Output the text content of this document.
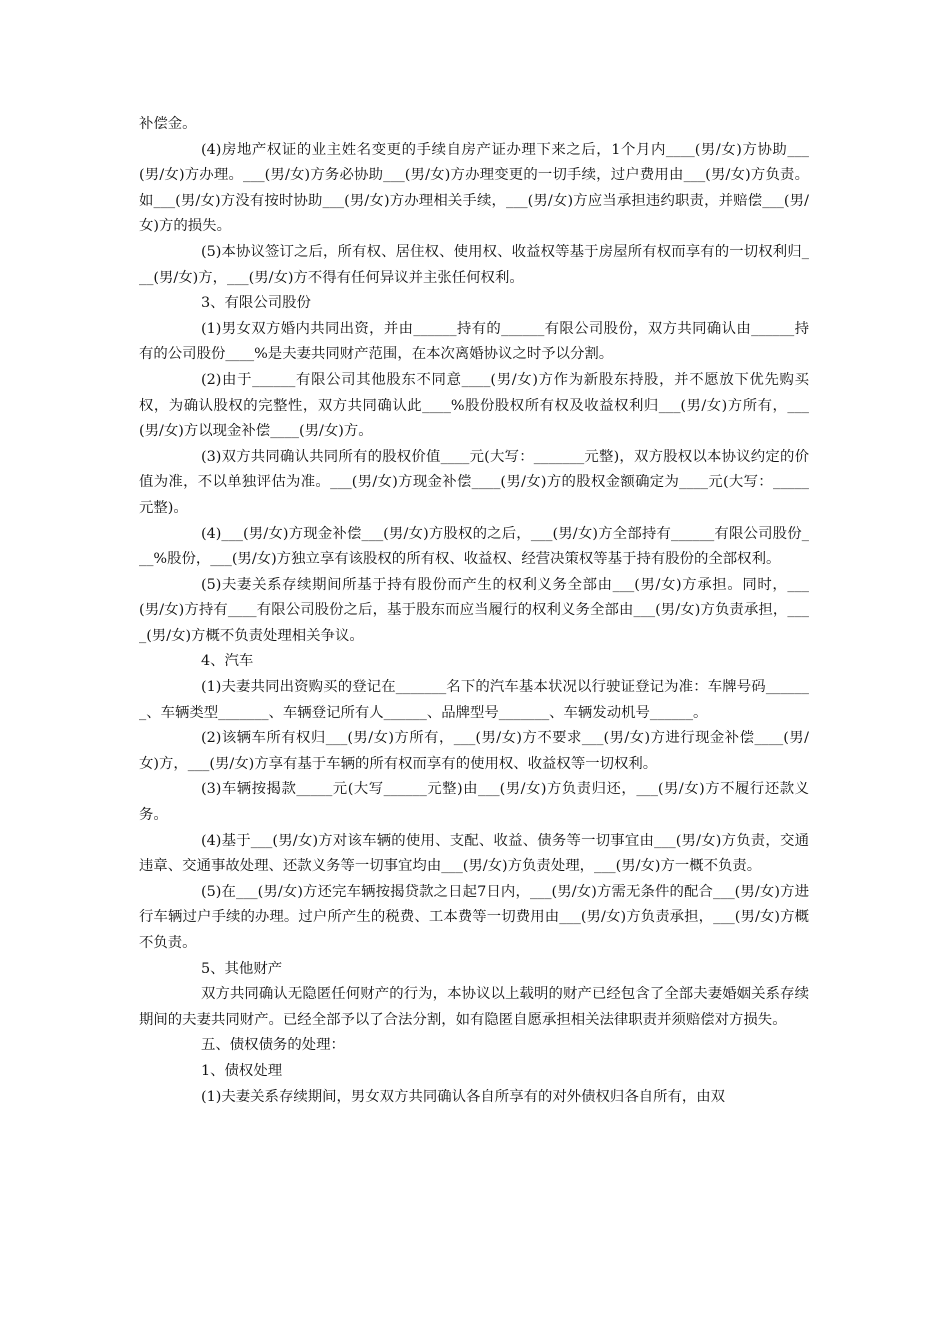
补偿金。

(4)房地产权证的业主姓名变更的手续自房产证办理下来之后，1个月内____(男/女)方协助___(男/女)方办理。___(男/女)方务必协助___(男/女)方办理变更的一切手续，过户费用由___(男/女)方负责。如___(男/女)方没有按时协助___(男/女)方办理相关手续，___(男/女)方应当承担违约职责，并赔偿___(男/女)方的损失。

(5)本协议签订之后，所有权、居住权、使用权、收益权等基于房屋所有权而享有的一切权利归___(男/女)方，___(男/女)方不得有任何异议并主张任何权利。

3、有限公司股份

(1)男女双方婚内共同出资，并由______持有的______有限公司股份，双方共同确认由______持有的公司股份____%是夫妻共同财产范围，在本次离婚协议之时予以分割。

(2)由于______有限公司其他股东不同意____(男/女)方作为新股东持股，并不愿放下优先购买权，为确认股权的完整性，双方共同确认此____%股份股权所有权及收益权利归___(男/女)方所有，___(男/女)方以现金补偿____(男/女)方。

(3)双方共同确认共同所有的股权价值____元(大写：_______元整)，双方股权以本协议约定的价值为准，不以单独评估为准。___(男/女)方现金补偿____(男/女)方的股权金额确定为____元(大写：_____元整)。

(4)___(男/女)方现金补偿___(男/女)方股权的之后，___(男/女)方全部持有______有限公司股份___%股份，___(男/女)方独立享有该股权的所有权、收益权、经营决策权等基于持有股份的全部权利。

(5)夫妻关系存续期间所基于持有股份而产生的权利义务全部由___(男/女)方承担。同时，___(男/女)方持有____有限公司股份之后，基于股东而应当履行的权利义务全部由___(男/女)方负责承担，____(男/女)方概不负责处理相关争议。

4、汽车

(1)夫妻共同出资购买的登记在_______名下的汽车基本状况以行驶证登记为准：车牌号码_______、车辆类型_______、车辆登记所有人______、品牌型号_______、车辆发动机号______。

(2)该辆车所有权归___(男/女)方所有，___(男/女)方不要求___(男/女)方进行现金补偿____(男/女)方，___(男/女)方享有基于车辆的所有权而享有的使用权、收益权等一切权利。

(3)车辆按揭款_____元(大写______元整)由___(男/女)方负责归还，___(男/女)方不履行还款义务。

(4)基于___(男/女)方对该车辆的使用、支配、收益、债务等一切事宜由___(男/女)方负责，交通违章、交通事故处理、还款义务等一切事宜均由___(男/女)方负责处理，___(男/女)方一概不负责。

(5)在___(男/女)方还完车辆按揭贷款之日起7日内，___(男/女)方需无条件的配合___(男/女)方进行车辆过户手续的办理。过户所产生的税费、工本费等一切费用由___(男/女)方负责承担，___(男/女)方概不负责。

5、其他财产

双方共同确认无隐匿任何财产的行为，本协议以上载明的财产已经包含了全部夫妻婚姻关系存续期间的夫妻共同财产。已经全部予以了合法分割，如有隐匿自愿承担相关法律职责并须赔偿对方损失。

五、债权债务的处理：

1、债权处理

(1)夫妻关系存续期间，男女双方共同确认各自所享有的对外债权归各自所有，由双
